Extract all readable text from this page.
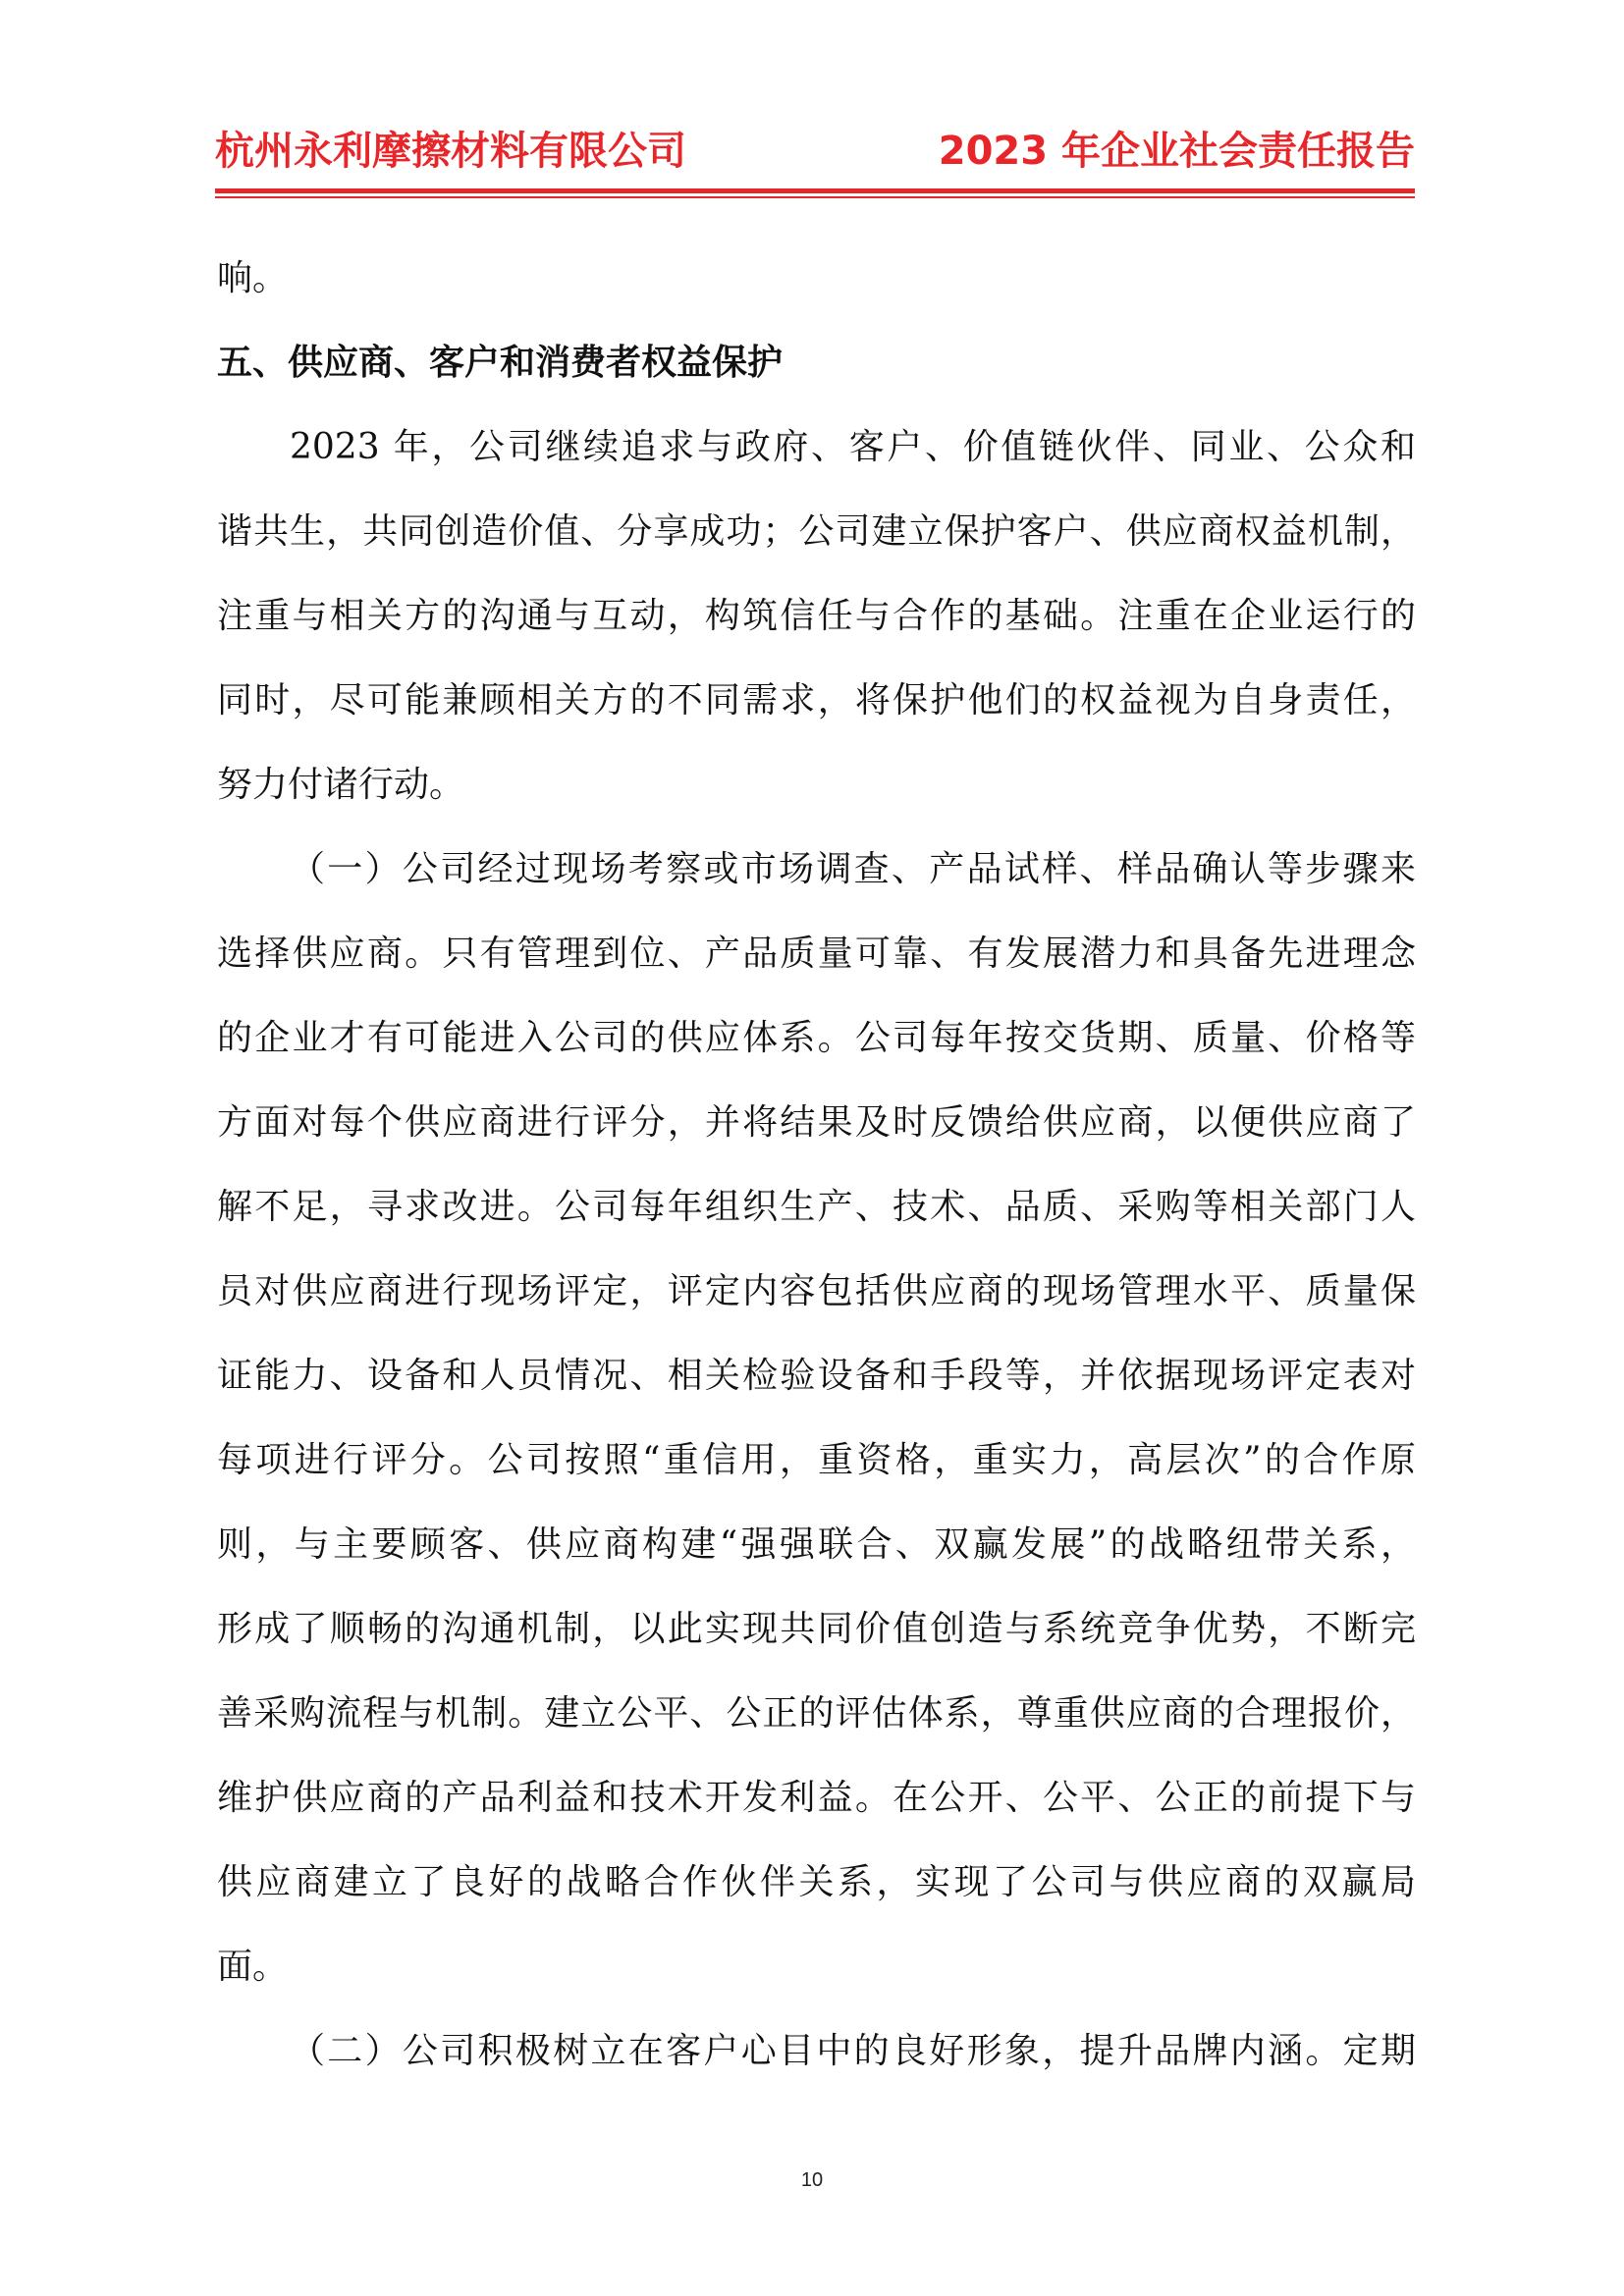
杭州永利摩擦材料有限公司	2023 年企业社会责任报告
响。
五、供应商、客户和消费者权益保护
2023 年，公司继续追求与政府、客户、价值链伙伴、同业、公众和
谐共生，共同创造价值、分享成功；公司建立保护客户、供应商权益机制，
注重与相关方的沟通与互动，构筑信任与合作的基础。注重在企业运行的
同时，尽可能兼顾相关方的不同需求，将保护他们的权益视为自身责任，
努力付诸行动。
（一）公司经过现场考察或市场调查、产品试样、样品确认等步骤来
选择供应商。只有管理到位、产品质量可靠、有发展潜力和具备先进理念
的企业才有可能进入公司的供应体系。公司每年按交货期、质量、价格等
方面对每个供应商进行评分，并将结果及时反馈给供应商，以便供应商了
解不足，寻求改进。公司每年组织生产、技术、品质、采购等相关部门人
员对供应商进行现场评定，评定内容包括供应商的现场管理水平、质量保
证能力、设备和人员情况、相关检验设备和手段等，并依据现场评定表对
每项进行评分。公司按照“重信用，重资格，重实力，高层次”的合作原
则，与主要顾客、供应商构建“强强联合、双赢发展”的战略纽带关系，
形成了顺畅的沟通机制，以此实现共同价值创造与系统竞争优势，不断完
善采购流程与机制。建立公平、公正的评估体系，尊重供应商的合理报价，
维护供应商的产品利益和技术开发利益。在公开、公平、公正的前提下与
供应商建立了良好的战略合作伙伴关系，实现了公司与供应商的双赢局
面。
（二）公司积极树立在客户心目中的良好形象，提升品牌内涵。定期
10
